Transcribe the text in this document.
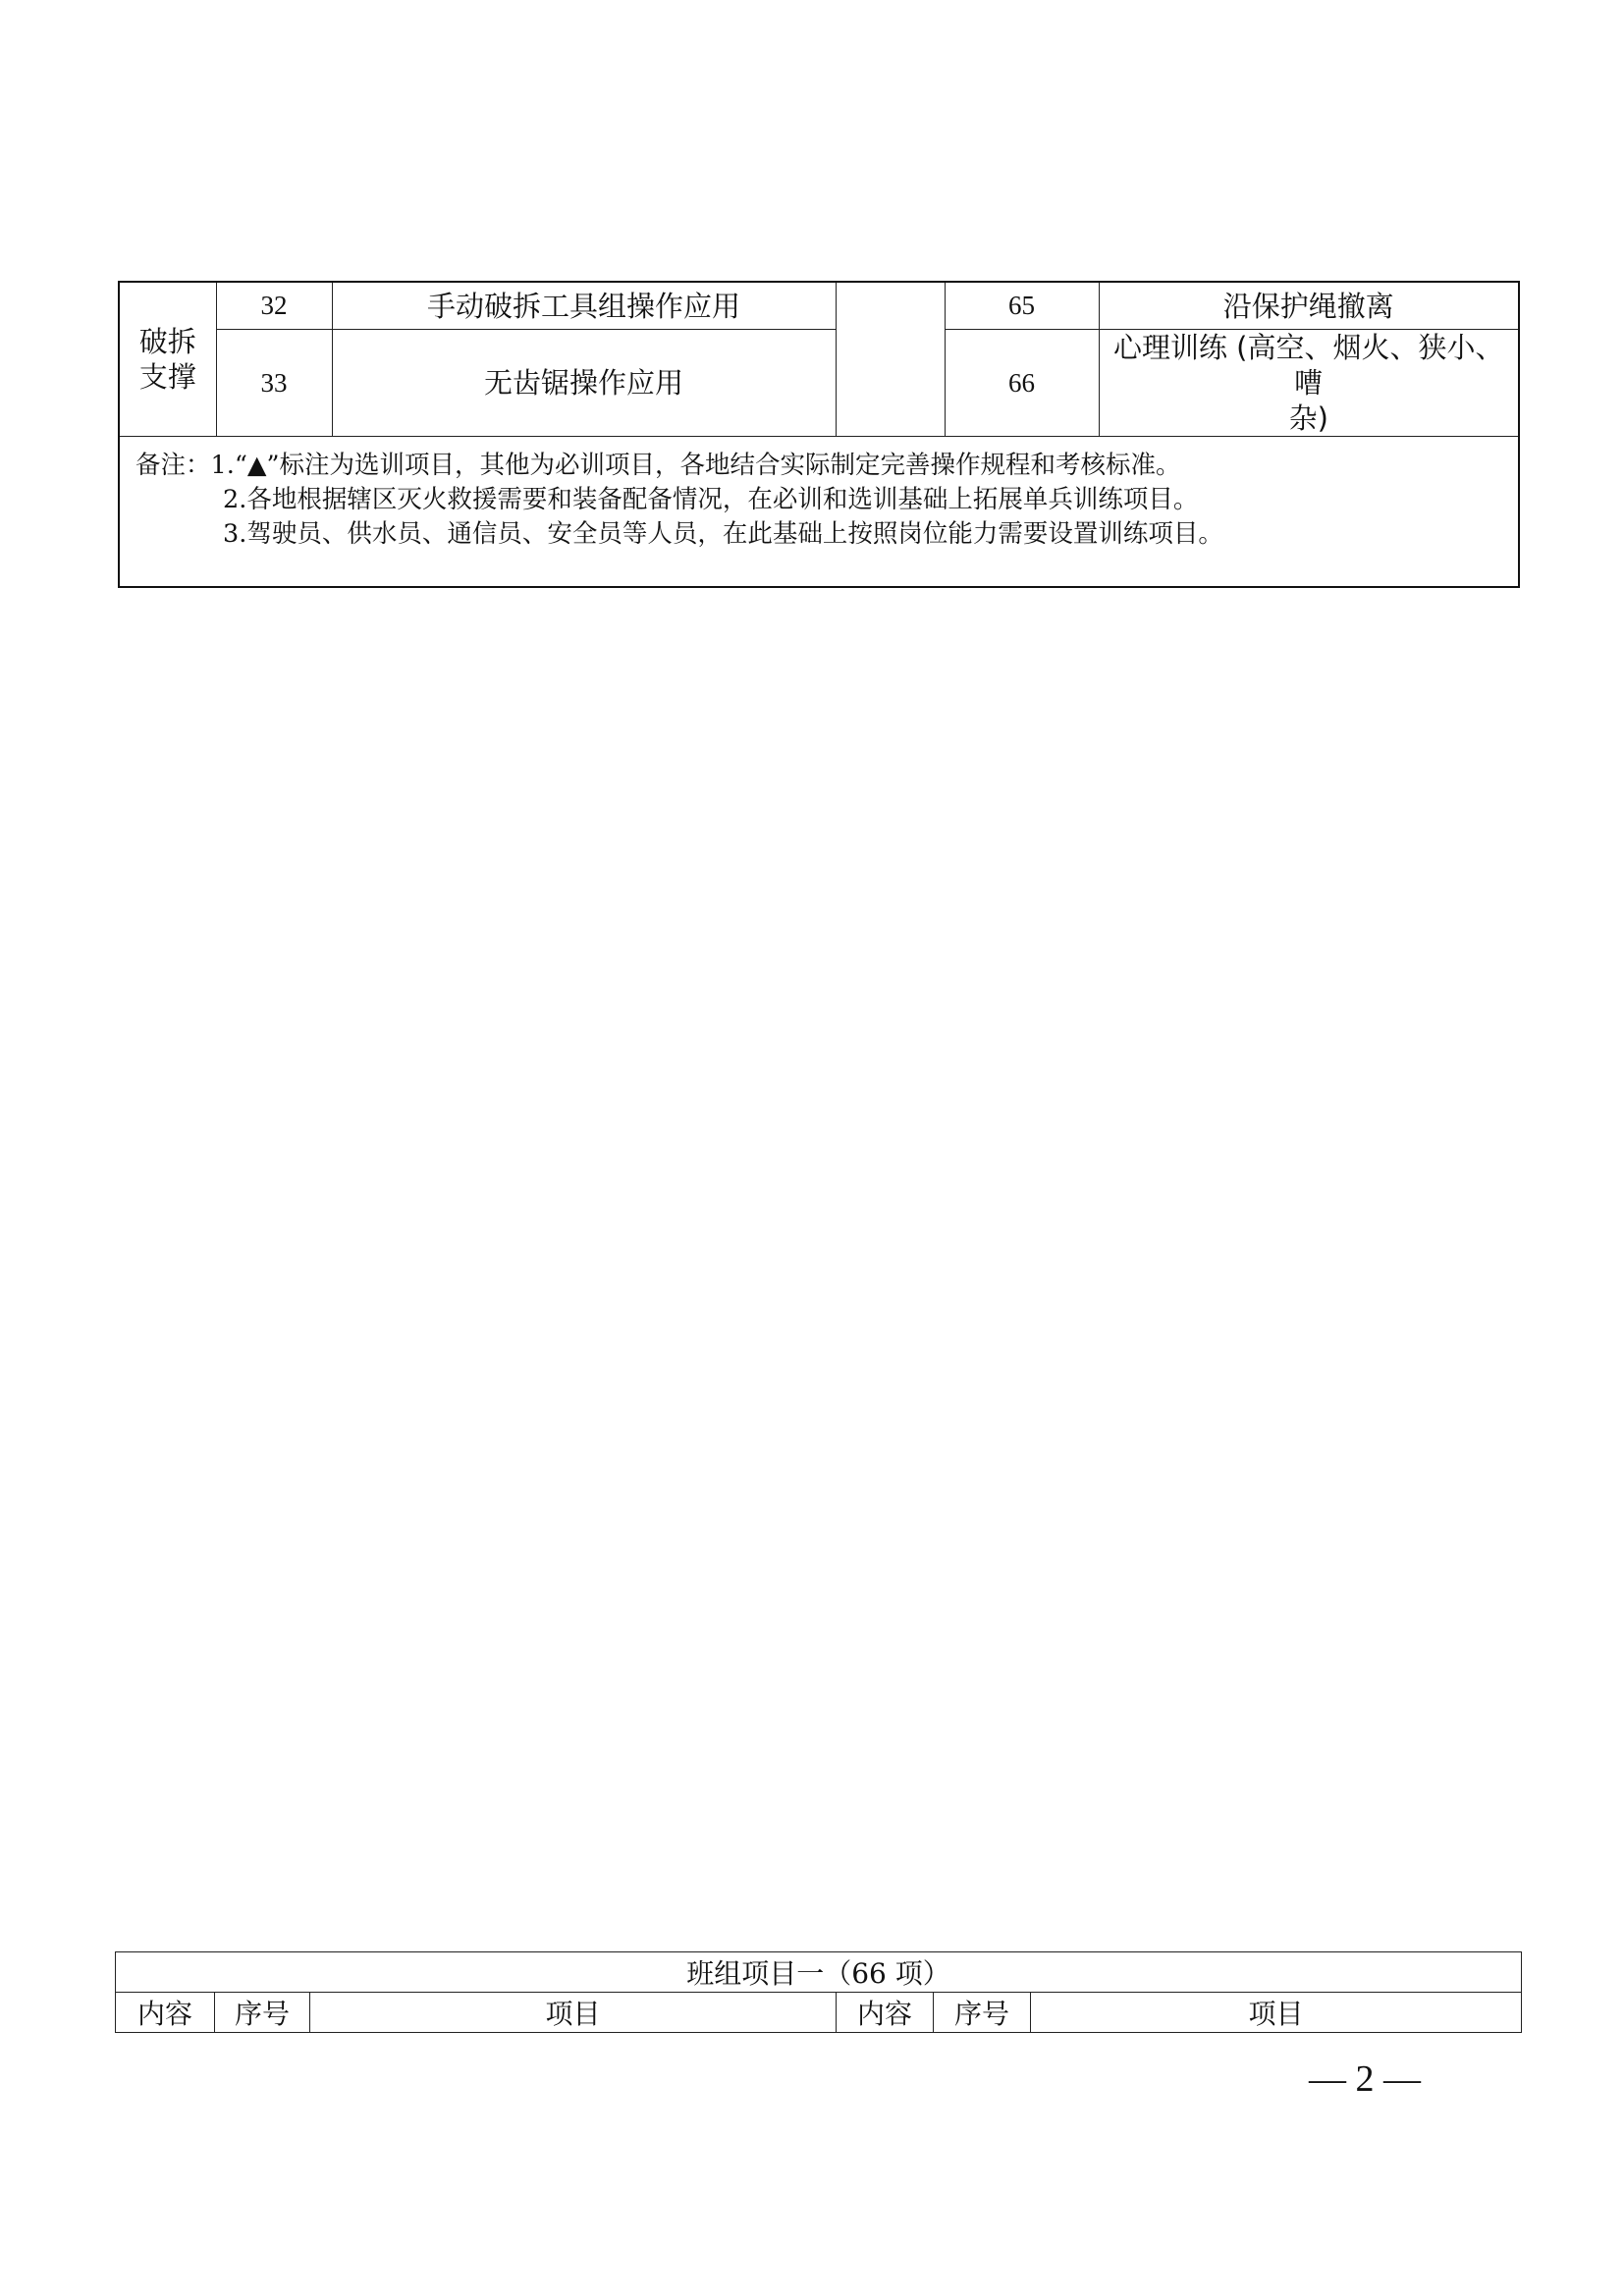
破拆
支撑	32	手动破拆工具组操作应用		65	沿保护绳撤离
	33	无齿锯操作应用		66	心理训练 (高空、烟火、狭小、嘈
杂)

备注：1.“▲”标注为选训项目，其他为必训项目，各地结合实际制定完善操作规程和考核标准。
2.各地根据辖区灭火救援需要和装备配备情况，在必训和选训基础上拓展单兵训练项目。
3.驾驶员、供水员、通信员、安全员等人员，在此基础上按照岗位能力需要设置训练项目。					
班组项目一（66 项）
内容	序号	项目	内容	序号	项目
— 2 —
